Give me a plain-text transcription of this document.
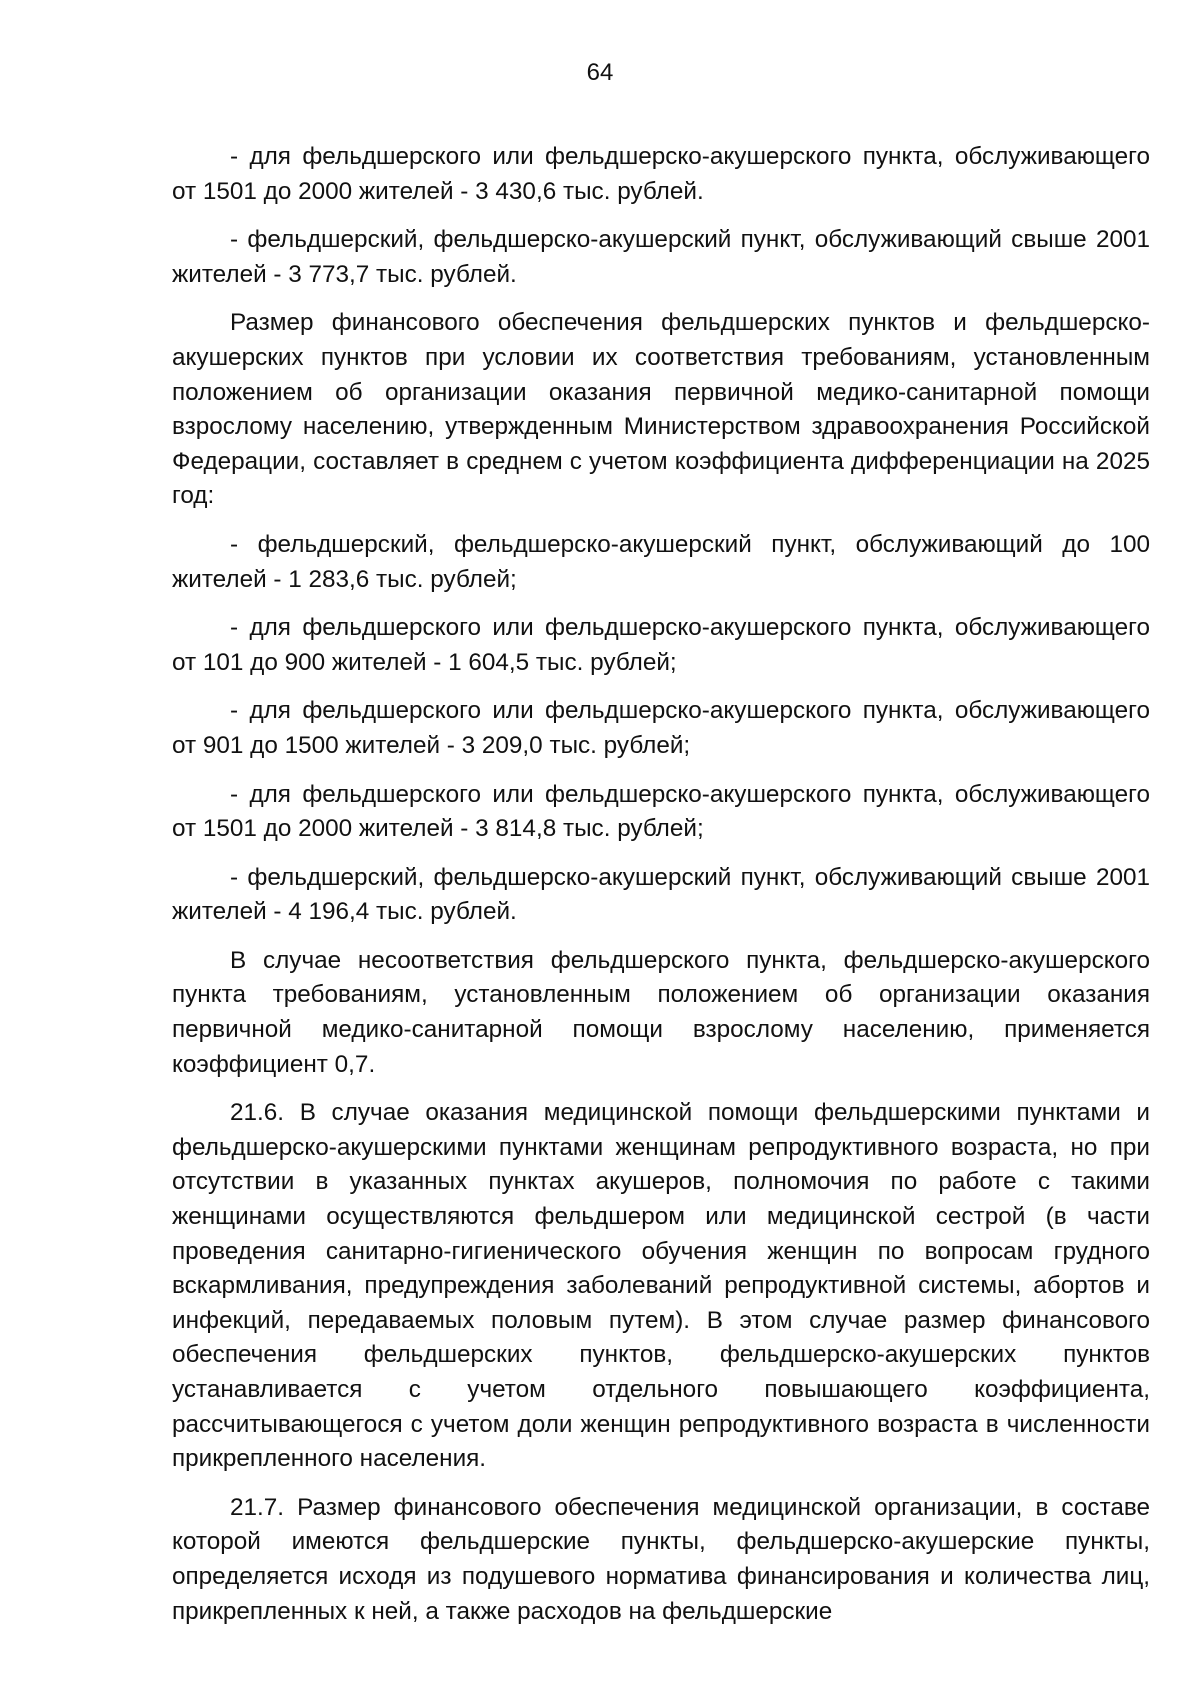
64

- для фельдшерского или фельдшерско-акушерского пункта, обслуживающего от 1501 до 2000 жителей - 3 430,6 тыс. рублей.

- фельдшерский, фельдшерско-акушерский пункт, обслуживающий свыше 2001 жителей - 3 773,7 тыс. рублей.

Размер финансового обеспечения фельдшерских пунктов и фельдшерско-акушерских пунктов при условии их соответствия требованиям, установленным положением об организации оказания первичной медико-санитарной помощи взрослому населению, утвержденным Министерством здравоохранения Российской Федерации, составляет в среднем с учетом коэффициента дифференциации на 2025 год:

- фельдшерский, фельдшерско-акушерский пункт, обслуживающий до 100 жителей - 1 283,6 тыс. рублей;

- для фельдшерского или фельдшерско-акушерского пункта, обслуживающего от 101 до 900 жителей - 1 604,5 тыс. рублей;

- для фельдшерского или фельдшерско-акушерского пункта, обслуживающего от 901 до 1500 жителей - 3 209,0 тыс. рублей;

- для фельдшерского или фельдшерско-акушерского пункта, обслуживающего от 1501 до 2000 жителей - 3 814,8 тыс. рублей;

- фельдшерский, фельдшерско-акушерский пункт, обслуживающий свыше 2001 жителей - 4 196,4 тыс. рублей.

В случае несоответствия фельдшерского пункта, фельдшерско-акушерского пункта требованиям, установленным положением об организации оказания первичной медико-санитарной помощи взрослому населению, применяется коэффициент 0,7.

21.6. В случае оказания медицинской помощи фельдшерскими пунктами и фельдшерско-акушерскими пунктами женщинам репродуктивного возраста, но при отсутствии в указанных пунктах акушеров, полномочия по работе с такими женщинами осуществляются фельдшером или медицинской сестрой (в части проведения санитарно-гигиенического обучения женщин по вопросам грудного вскармливания, предупреждения заболеваний репродуктивной системы, абортов и инфекций, передаваемых половым путем). В этом случае размер финансового обеспечения фельдшерских пунктов, фельдшерско-акушерских пунктов устанавливается с учетом отдельного повышающего коэффициента, рассчитывающегося с учетом доли женщин репродуктивного возраста в численности прикрепленного населения.

21.7. Размер финансового обеспечения медицинской организации, в составе которой имеются фельдшерские пункты, фельдшерско-акушерские пункты, определяется исходя из подушевого норматива финансирования и количества лиц, прикрепленных к ней, а также расходов на фельдшерские
